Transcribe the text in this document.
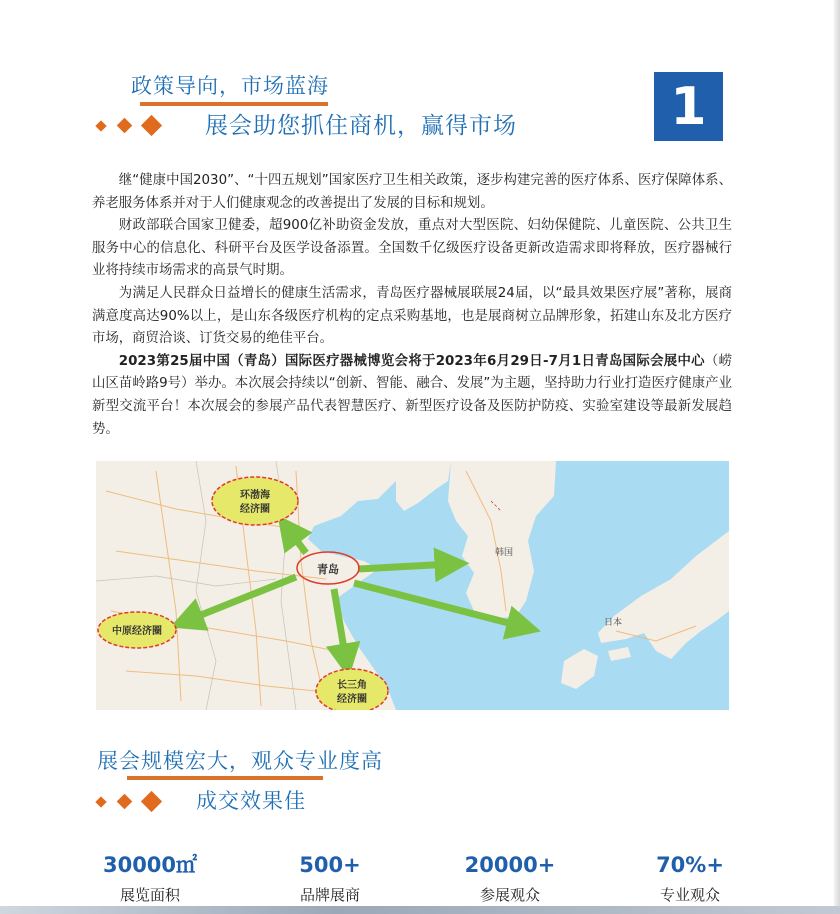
政策导向，市场蓝海
展会助您抓住商机，赢得市场	1

继“健康中国2030”、“十四五规划”国家医疗卫生相关政策，逐步构建完善的医疗体系、医疗保障体系、养老服务体系并对于人们健康观念的改善提出了发展的目标和规划。

财政部联合国家卫健委，超900亿补助资金发放，重点对大型医院、妇幼保健院、儿童医院、公共卫生服务中心的信息化、科研平台及医学设备添置。全国数千亿级医疗设备更新改造需求即将释放，医疗器械行业将持续市场需求的高景气时期。

为满足人民群众日益增长的健康生活需求，青岛医疗器械展联展24届，以“最具效果医疗展”著称，展商满意度高达90%以上，是山东各级医疗机构的定点采购基地，也是展商树立品牌形象，拓建山东及北方医疗市场，商贸洽谈、订货交易的绝佳平台。

2023第25届中国（青岛）国际医疗器械博览会将于2023年6月29日-7月1日青岛国际会展中心（崂山区苗岭路9号）举办。本次展会持续以“创新、智能、融合、发展”为主题，坚持助力行业打造医疗健康产业新型交流平台！本次展会的参展产品代表智慧医疗、新型医疗设备及医防护防疫、实验室建设等最新发展趋势。

青岛
环渤海
经济圈
中原经济圈
长三角
经济圈
韩国
日本
展会规模宏大，观众专业度高
成交效果佳
30000㎡
展览面积
500+
品牌展商
20000+
参展观众
70%+
专业观众
